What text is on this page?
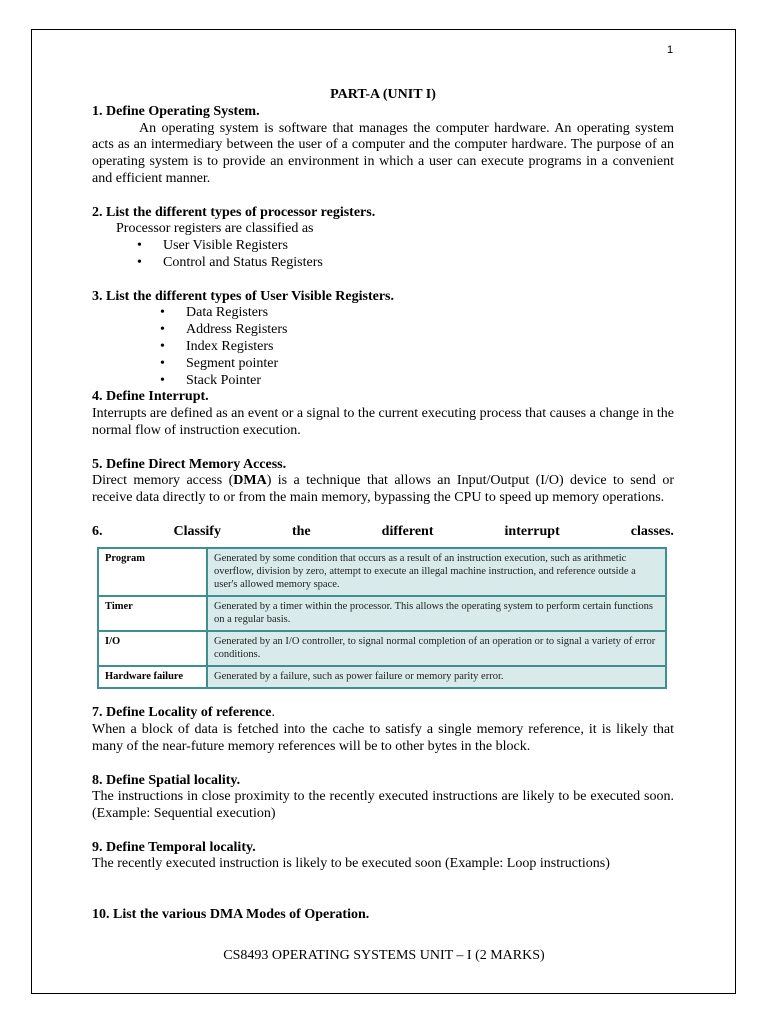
1
PART-A (UNIT I)
1. Define Operating System.
An operating system is software that manages the computer hardware. An operating system acts as an intermediary between the user of a computer and the computer hardware. The purpose of an operating system is to provide an environment in which a user can execute programs in a convenient and efficient manner.
2. List the different types of processor registers.
Processor registers are classified as
• User Visible Registers
• Control and Status Registers
3. List the different types of User Visible Registers.
• Data Registers
• Address Registers
• Index Registers
• Segment pointer
• Stack Pointer
4. Define Interrupt.
Interrupts are defined as an event or a signal to the current executing process that causes a change in the normal flow of instruction execution.
5. Define Direct Memory Access.
Direct memory access (DMA) is a technique that allows an Input/Output (I/O) device to send or receive data directly to or from the main memory, bypassing the CPU to speed up memory operations.
6.	Classify	the	different	interrupt	classes.
Program	Generated by some condition that occurs as a result of an instruction execution, such as arithmetic overflow, division by zero, attempt to execute an illegal machine instruction, and reference outside a user's allowed memory space.
Timer	Generated by a timer within the processor. This allows the operating system to perform certain functions on a regular basis.
I/O	Generated by an I/O controller, to signal normal completion of an operation or to signal a variety of error conditions.
Hardware failure	Generated by a failure, such as power failure or memory parity error.
7. Define Locality of reference.
When a block of data is fetched into the cache to satisfy a single memory reference, it is likely that many of the near-future memory references will be to other bytes in the block.
8. Define Spatial locality.
The instructions in close proximity to the recently executed instructions are likely to be executed soon. (Example: Sequential execution)
9. Define Temporal locality.
The recently executed instruction is likely to be executed soon (Example: Loop instructions)
10. List the various DMA Modes of Operation.
CS8493 OPERATING SYSTEMS UNIT – I (2 MARKS)
